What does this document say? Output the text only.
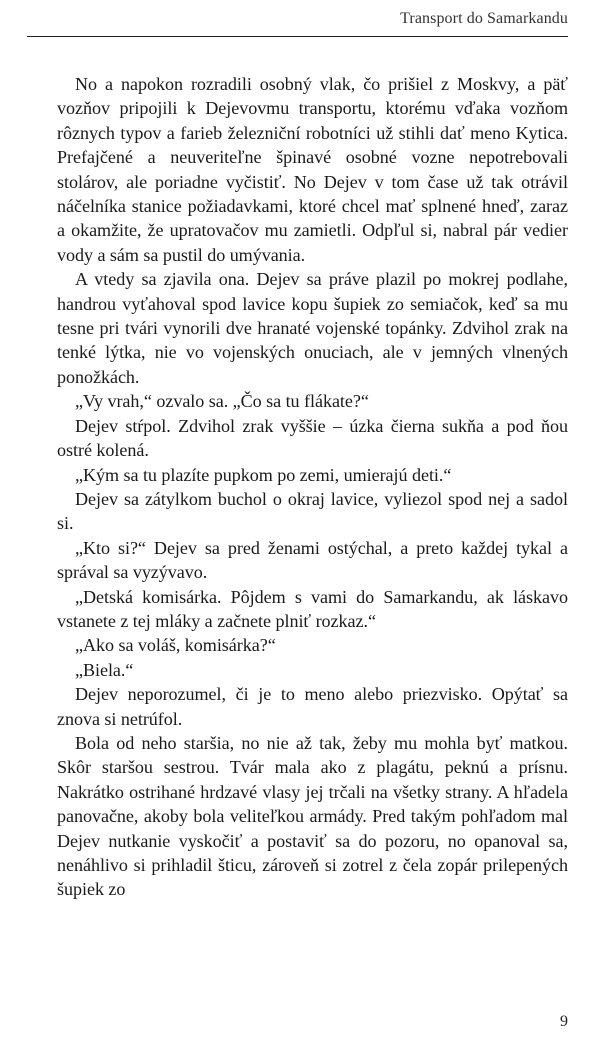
Transport do Samarkandu

No a napokon rozradili osobný vlak, čo prišiel z Moskvy, a päť vozňov pripojili k Dejevovmu transportu, ktorému vďaka vozňom rôznych typov a farieb železniční robotníci už stihli dať meno Kytica. Prefajčené a neuveriteľne špinavé osobné vozne nepotrebovali stolárov, ale poriadne vyčistiť. No Dejev v tom čase už tak otrávil náčelníka stanice požiadavkami, ktoré chcel mať splnené hneď, zaraz a okamžite, že upratovačov mu zamietli. Odpľul si, nabral pár vedier vody a sám sa pustil do umývania.

A vtedy sa zjavila ona. Dejev sa práve plazil po mokrej podlahe, handrou vyťahoval spod lavice kopu šupiek zo semiačok, keď sa mu tesne pri tvári vynorili dve hranaté vojenské topánky. Zdvihol zrak na tenké lýtka, nie vo vojenských onuciach, ale v jemných vlnených ponožkách.

„Vy vrah,“ ozvalo sa. „Čo sa tu flákate?“

Dejev stŕpol. Zdvihol zrak vyššie – úzka čierna sukňa a pod ňou ostré kolená.

„Kým sa tu plazíte pupkom po zemi, umierajú deti.“

Dejev sa zátylkom buchol o okraj lavice, vyliezol spod nej a sadol si.

„Kto si?“ Dejev sa pred ženami ostýchal, a preto každej tykal a správal sa vyzývavo.

„Detská komisárka. Pôjdem s vami do Samarkandu, ak láskavo vstanete z tej mláky a začnete plniť rozkaz.“

„Ako sa voláš, komisárka?“

„Biela.“

Dejev neporozumel, či je to meno alebo priezvisko. Opýtať sa znova si netrúfol.

Bola od neho staršia, no nie až tak, žeby mu mohla byť matkou. Skôr staršou sestrou. Tvár mala ako z plagátu, peknú a prísnu. Nakrátko ostrihané hrdzavé vlasy jej trčali na všetky strany. A hľadela panovačne, akoby bola veliteľkou armády. Pred takým pohľadom mal Dejev nutkanie vyskočiť a postaviť sa do pozoru, no opanoval sa, nenáhlivo si prihladil šticu, zároveň si zotrel z čela zopár prilepených šupiek zo

9
